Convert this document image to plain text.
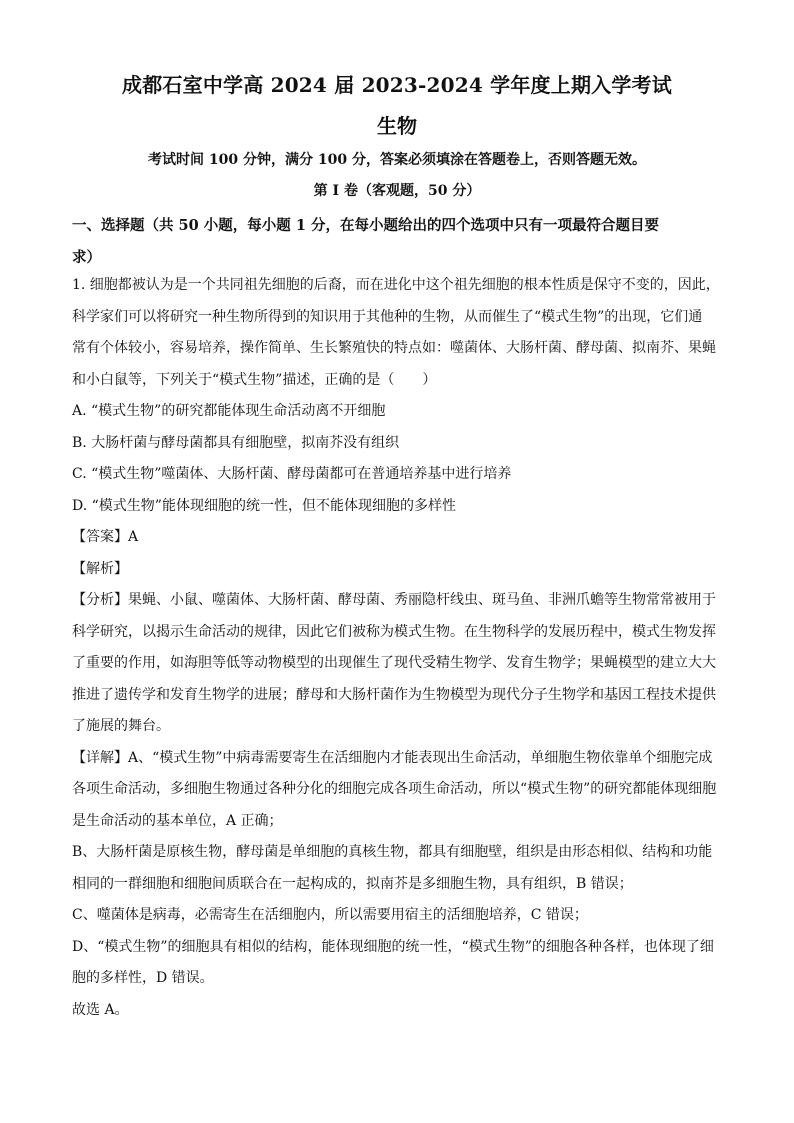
成都石室中学高 2024 届 2023-2024 学年度上期入学考试
生物
考试时间 100 分钟，满分 100 分，答案必须填涂在答题卷上，否则答题无效。
第 I 卷（客观题，50 分）
一、选择题（共 50 小题，每小题 1 分，在每小题给出的四个选项中只有一项最符合题目要
求）
1. 细胞都被认为是一个共同祖先细胞的后裔，而在进化中这个祖先细胞的根本性质是保守不变的，因此，
科学家们可以将研究一种生物所得到的知识用于其他种的生物，从而催生了“模式生物”的出现，它们通
常有个体较小，容易培养，操作简单、生长繁殖快的特点如：噬菌体、大肠杆菌、酵母菌、拟南芥、果蝇
和小白鼠等，下列关于“模式生物”描述，正确的是（　　）
A. “模式生物”的研究都能体现生命活动离不开细胞
B. 大肠杆菌与酵母菌都具有细胞壁，拟南芥没有组织
C. “模式生物”噬菌体、大肠杆菌、酵母菌都可在普通培养基中进行培养
D. “模式生物”能体现细胞的统一性，但不能体现细胞的多样性
【答案】A
【解析】
【分析】果蝇、小鼠、噬菌体、大肠杆菌、酵母菌、秀丽隐杆线虫、斑马鱼、非洲爪蟾等生物常常被用于
科学研究，以揭示生命活动的规律，因此它们被称为模式生物。在生物科学的发展历程中，模式生物发挥
了重要的作用，如海胆等低等动物模型的出现催生了现代受精生物学、发育生物学；果蝇模型的建立大大
推进了遗传学和发育生物学的进展；酵母和大肠杆菌作为生物模型为现代分子生物学和基因工程技术提供
了施展的舞台。
【详解】A、“模式生物”中病毒需要寄生在活细胞内才能表现出生命活动，单细胞生物依靠单个细胞完成
各项生命活动，多细胞生物通过各种分化的细胞完成各项生命活动，所以“模式生物”的研究都能体现细胞
是生命活动的基本单位，A 正确；
B、大肠杆菌是原核生物，酵母菌是单细胞的真核生物，都具有细胞壁，组织是由形态相似、结构和功能
相同的一群细胞和细胞间质联合在一起构成的，拟南芥是多细胞生物，具有组织，B 错误；
C、噬菌体是病毒，必需寄生在活细胞内，所以需要用宿主的活细胞培养，C 错误；
D、“模式生物”的细胞具有相似的结构，能体现细胞的统一性，“模式生物”的细胞各种各样，也体现了细
胞的多样性，D 错误。
故选 A。
